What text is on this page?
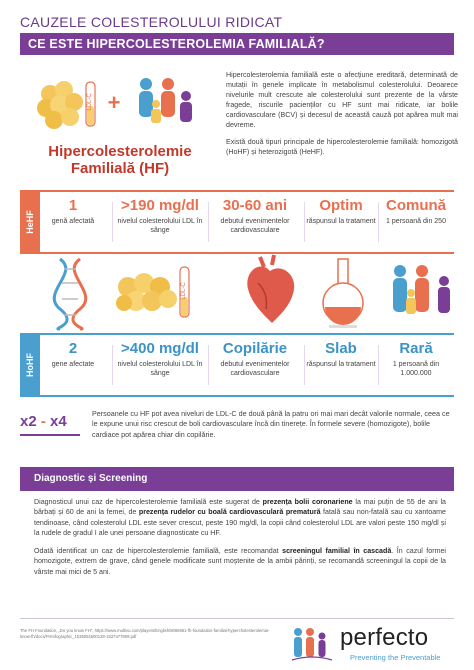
CAUZELE COLESTEROLULUI RIDICAT
CE ESTE HIPERCOLESTEROLEMIA FAMILIALĂ?
LDL-C +
Hipercolesterolemie
Familială (HF)

Hipercolesterolemia familială este o afecțiune ereditară, determinată de mutații în genele implicate în metabolismul colesterolului. Deoarece nivelurile mult crescute ale colesterolului sunt prezente de la vârste fragede, riscurile pacienților cu HF sunt mai ridicate, iar bolile cardiovasculare (BCV) și decesul de această cauză pot apărea mult mai devreme.

Există două tipuri principale de hipercolesterolemie familială: homozigotă (HoHF) și heterozigotă (HeHF).

HeHF
1
genă afectată
>190 mg/dl
nivelul colesterolului LDL în sânge
30-60 ani
debutul evenimentelor cardiovasculare
Optim
răspunsul la tratament
Comună
1 persoană din 250
LDL-C
HoHF
2
gene afectate
>400 mg/dl
nivelul colesterolului LDL în sânge
Copilărie
debutul evenimentelor cardiovasculare
Slab
răspunsul la tratament
Rară
1 persoană din 1.000.000
x2 - x4	Persoanele cu HF pot avea niveluri de LDL-C de două până la patru ori mai mari decât valorile normale, ceea ce le expune unui risc crescut de boli cardiovasculare încă din tinerețe. În formele severe (homozigote), bolile cardiace pot apărea chiar din copilărie.
Diagnostic și Screening

Diagnosticul unui caz de hipercolesterolemie familială este sugerat de prezența bolii coronariene la mai puțin de 55 de ani la bărbați și 60 de ani la femei, de prezența rudelor cu boală cardiovasculară prematură fatală sau non-fatală sau cu xantoame tendinoase, când colesterolul LDL este sever crescut, peste 190 mg/dl, la copii când colesterolul LDL are valori peste 150 mg/dl și la rudele de gradul I ale unei persoane diagnosticate cu HF.

Odată identificat un caz de hipercolesterolemie familială, este recomandat screeningul familial în cascadă. În cazul formei homozigote, extrem de grave, când genele modificate sunt moștenite de la ambii părinți, se recomandă screeningul la copii de la vârste mai mici de 5 ani.

The FH Foundation, „Do you know FH", https://www.multivu.com/players/English/8065951-fh-foundation-familial-hypercholesterolemia-know-fh/docs/FHInfographic_1535054500128-1537477809.pdf	perfecto
Preventing the Preventable
